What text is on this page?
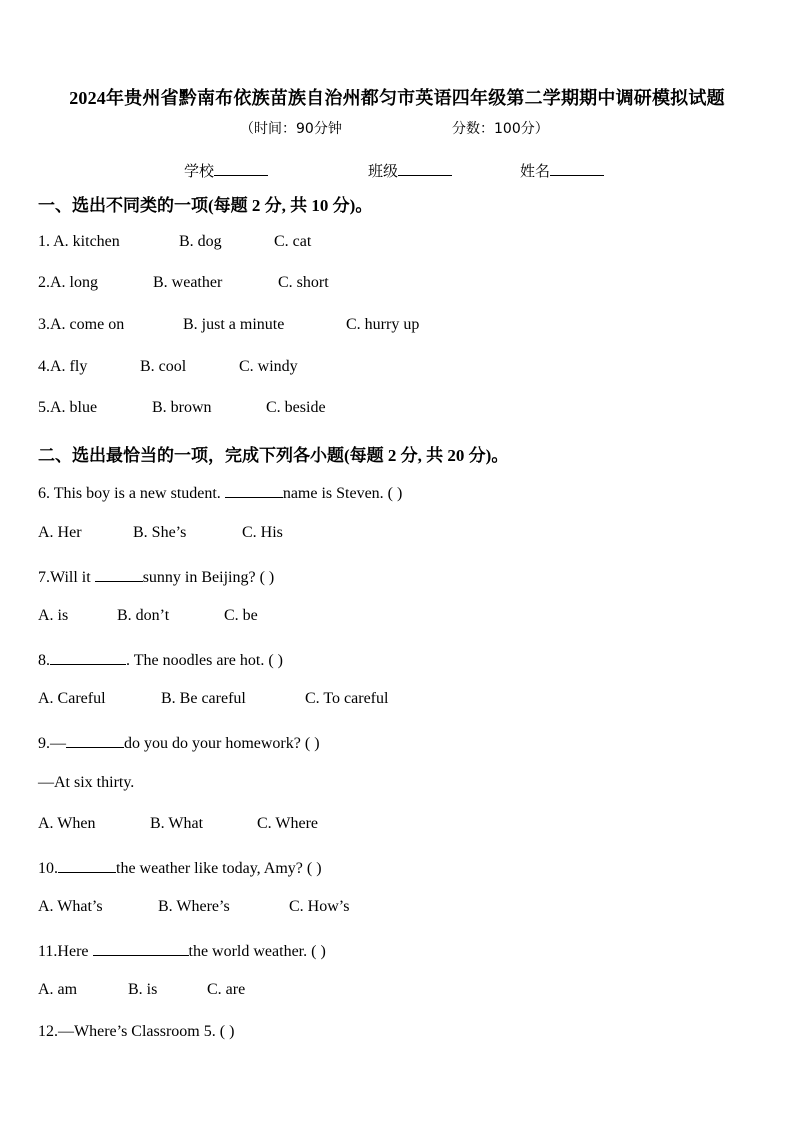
2024年贵州省黔南布依族苗族自治州都匀市英语四年级第二学期期中调研模拟试题
（时间：90分钟	分数：100分）
学校	班级	姓名
一、选出不同类的一项(每题 2 分, 共 10 分)。
1. A. kitchen	B. dog	C. cat
2.A. long	B. weather	C. short
3.A. come on	B. just a minute	C. hurry up
4.A. fly	B. cool	C. windy
5.A. blue	B. brown	C. beside
二、选出最恰当的一项，完成下列各小题(每题 2 分, 共 20 分)。
6. This boy is a new student.	name is Steven. ( )
A. Her	B. She’s	C. His
7.Will it	sunny in Beijing? ( )
A. is	B. don’t	C. be
8.	. The noodles are hot. ( )
A. Careful	B. Be careful	C. To careful
9.—	do you do your homework? ( )
—At six thirty.
A. When	B. What	C. Where
10.	the weather like today, Amy? ( )
A. What’s	B. Where’s	C. How’s
11.Here	the world weather. ( )
A. am	B. is	C. are
12.—Where’s Classroom 5. ( )
